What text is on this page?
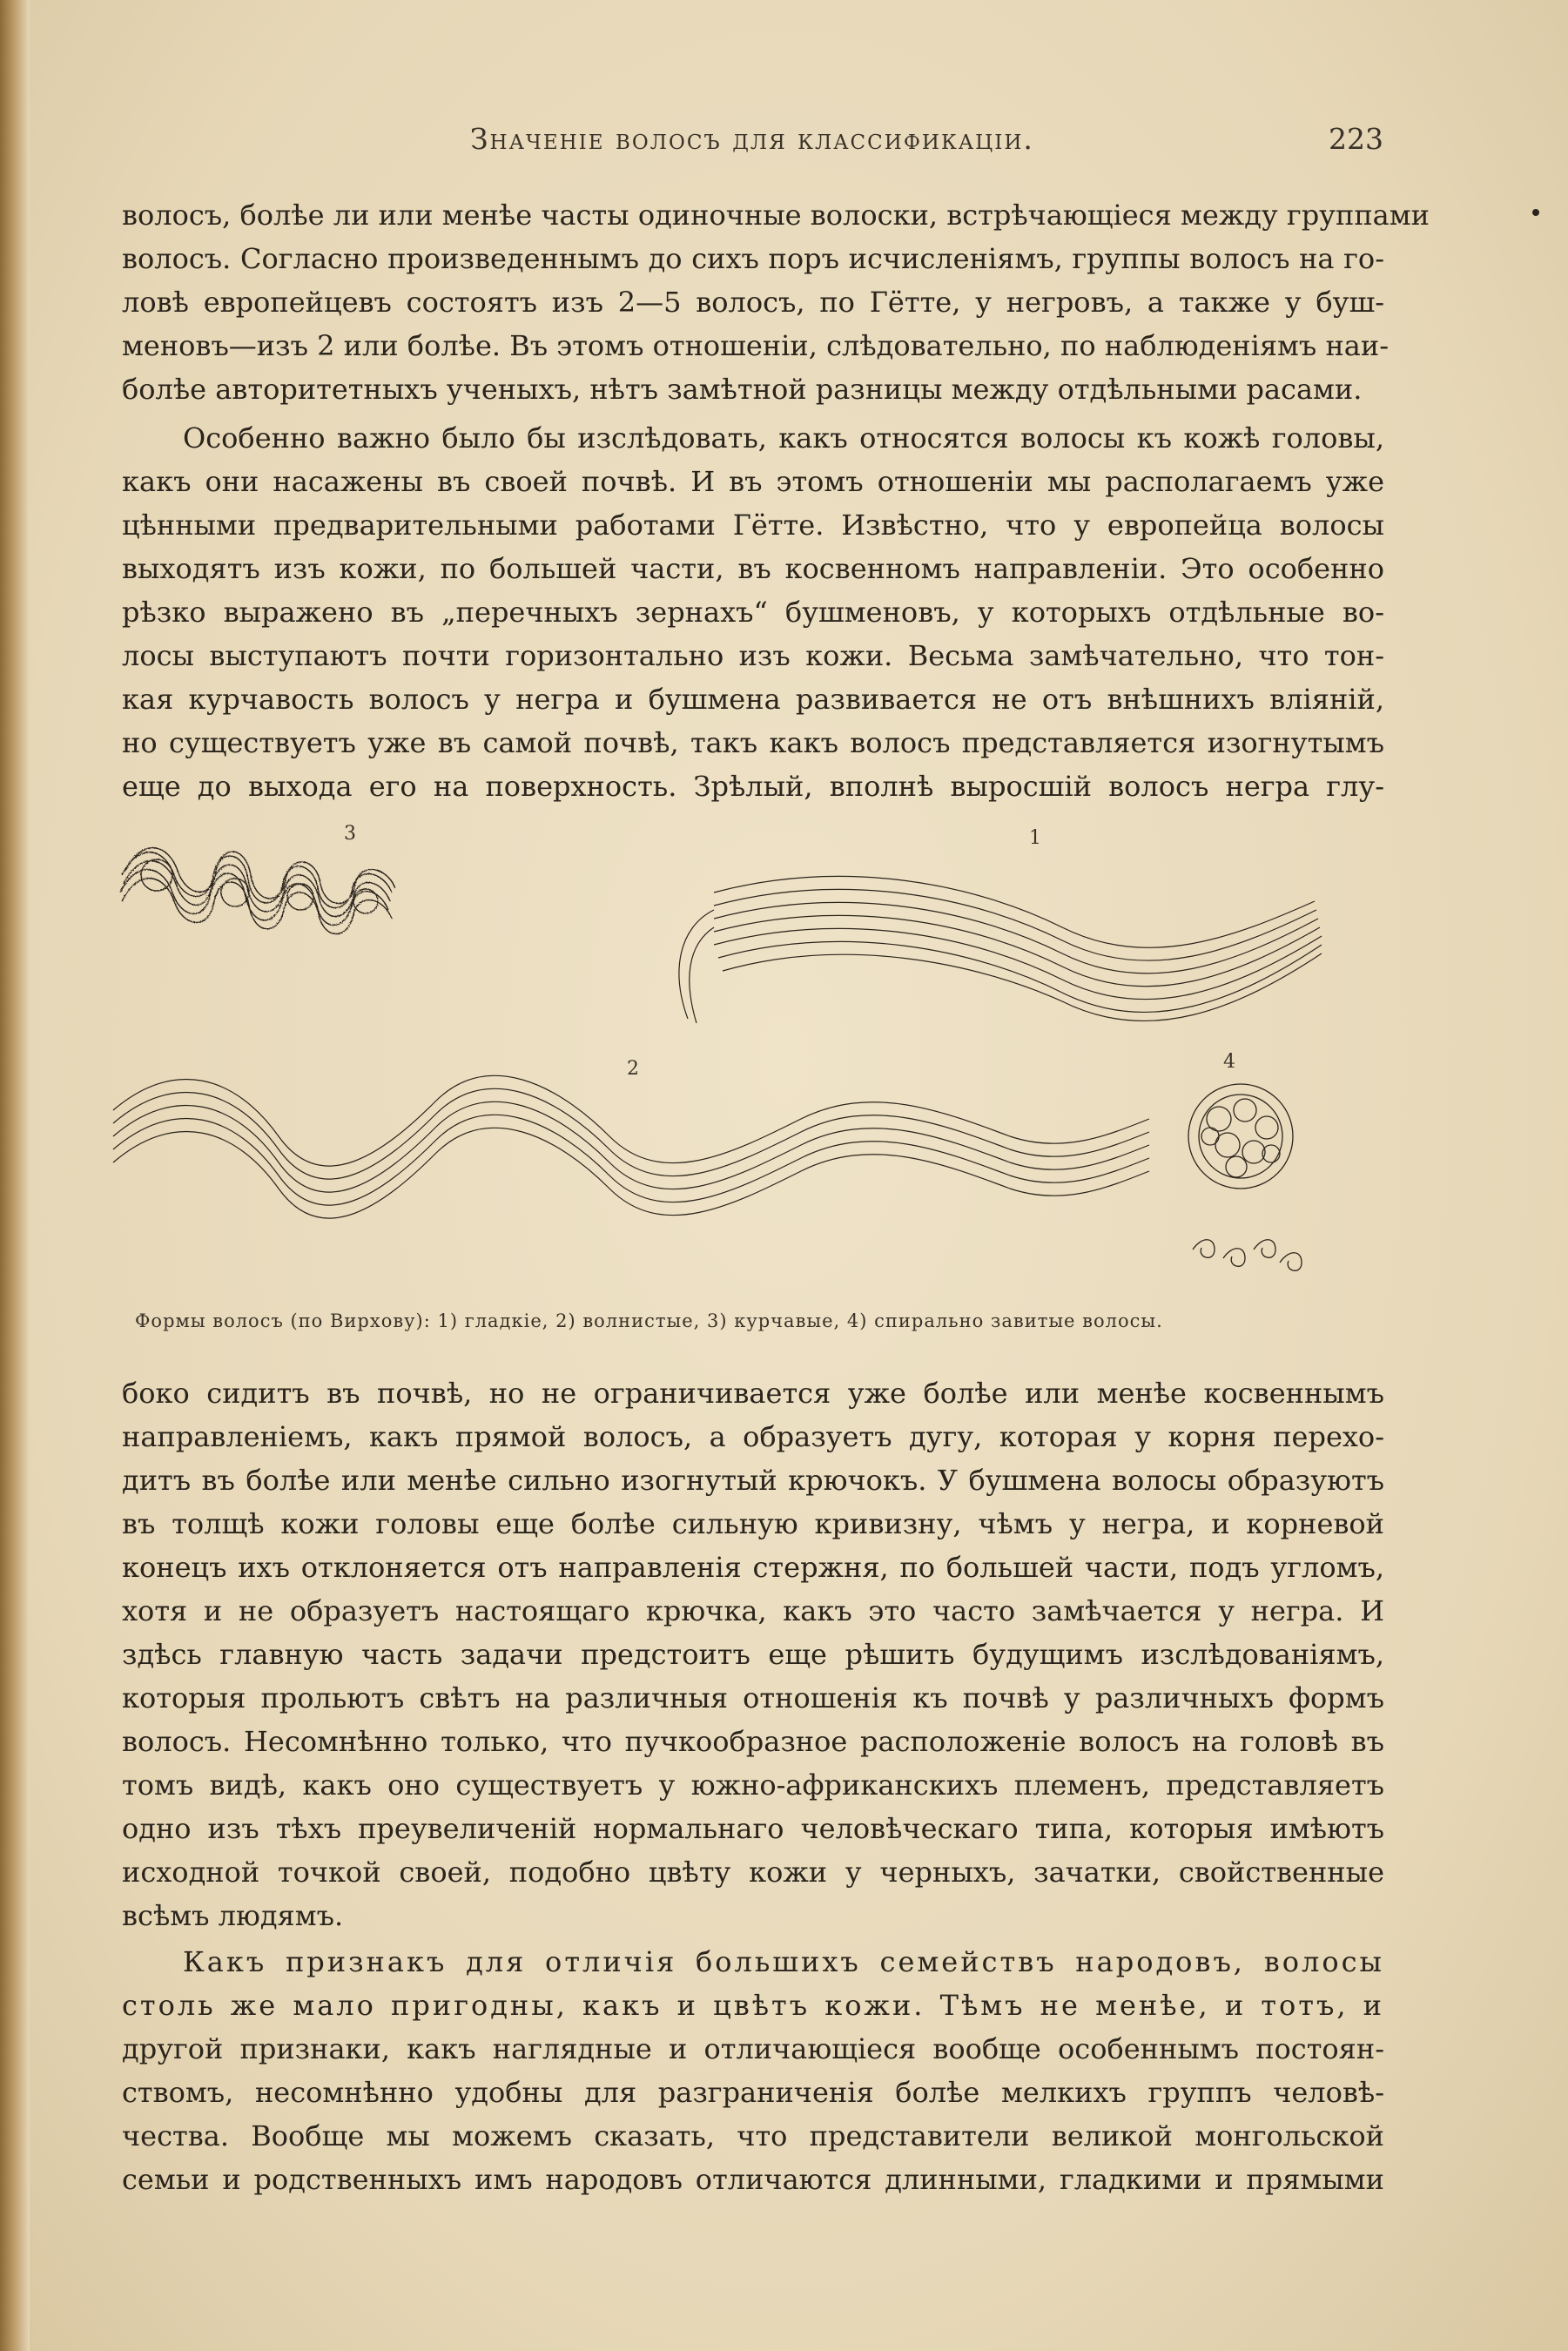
Значеніе волосъ для классификаціи.	223

волосъ, болѣе ли или менѣе часты одиночные волоски, встрѣчающіеся между группами

волосъ. Согласно произведеннымъ до сихъ поръ исчисленіямъ, группы волосъ на го-

ловѣ европейцевъ состоятъ изъ 2—5 волосъ, по Гётте, у негровъ, а также у буш-

меновъ—изъ 2 или болѣе. Въ этомъ отношеніи, слѣдовательно, по наблюденіямъ наи-

болѣе авторитетныхъ ученыхъ, нѣтъ замѣтной разницы между отдѣльными расами.

Особенно важно было бы изслѣдовать, какъ относятся волосы къ кожѣ головы,

какъ они насажены въ своей почвѣ. И въ этомъ отношеніи мы располагаемъ уже

цѣнными предварительными работами Гётте. Извѣстно, что у европейца волосы

выходятъ изъ кожи, по большей части, въ косвенномъ направленіи. Это особенно

рѣзко выражено въ „перечныхъ зернахъ“ бушменовъ, у которыхъ отдѣльные во-

лосы выступаютъ почти горизонтально изъ кожи. Весьма замѣчательно, что тон-

кая курчавость волосъ у негра и бушмена развивается не отъ внѣшнихъ вліяній,

но существуетъ уже въ самой почвѣ, такъ какъ волосъ представляется изогнутымъ

еще до выхода его на поверхность. Зрѣлый, вполнѣ выросшій волосъ негра глу-

3	1
2	4
Формы волосъ (по Вирхову): 1) гладкіе, 2) волнистые, 3) курчавые, 4) спирально завитые волосы.

боко сидитъ въ почвѣ, но не ограничивается уже болѣе или менѣе косвеннымъ

направленіемъ, какъ прямой волосъ, а образуетъ дугу, которая у корня перехо-

дитъ въ болѣе или менѣе сильно изогнутый крючокъ. У бушмена волосы образуютъ

въ толщѣ кожи головы еще болѣе сильную кривизну, чѣмъ у негра, и корневой

конецъ ихъ отклоняется отъ направленія стержня, по большей части, подъ угломъ,

хотя и не образуетъ настоящаго крючка, какъ это часто замѣчается у негра. И

здѣсь главную часть задачи предстоитъ еще рѣшить будущимъ изслѣдованіямъ,

которыя прольютъ свѣтъ на различныя отношенія къ почвѣ у различныхъ формъ

волосъ. Несомнѣнно только, что пучкообразное расположеніе волосъ на головѣ въ

томъ видѣ, какъ оно существуетъ у южно-африканскихъ племенъ, представляетъ

одно изъ тѣхъ преувеличеній нормальнаго человѣческаго типа, которыя имѣютъ

исходной точкой своей, подобно цвѣту кожи у черныхъ, зачатки, свойственные

всѣмъ людямъ.

Какъ признакъ для отличія большихъ семействъ народовъ, волосы

столь же мало пригодны, какъ и цвѣтъ кожи. Тѣмъ не менѣе, и тотъ, и

другой признаки, какъ наглядные и отличающіеся вообще особеннымъ постоян-

ствомъ, несомнѣнно удобны для разграниченія болѣе мелкихъ группъ человѣ-

чества. Вообще мы можемъ сказать, что представители великой монгольской

семьи и родственныхъ имъ народовъ отличаются длинными, гладкими и прямыми
